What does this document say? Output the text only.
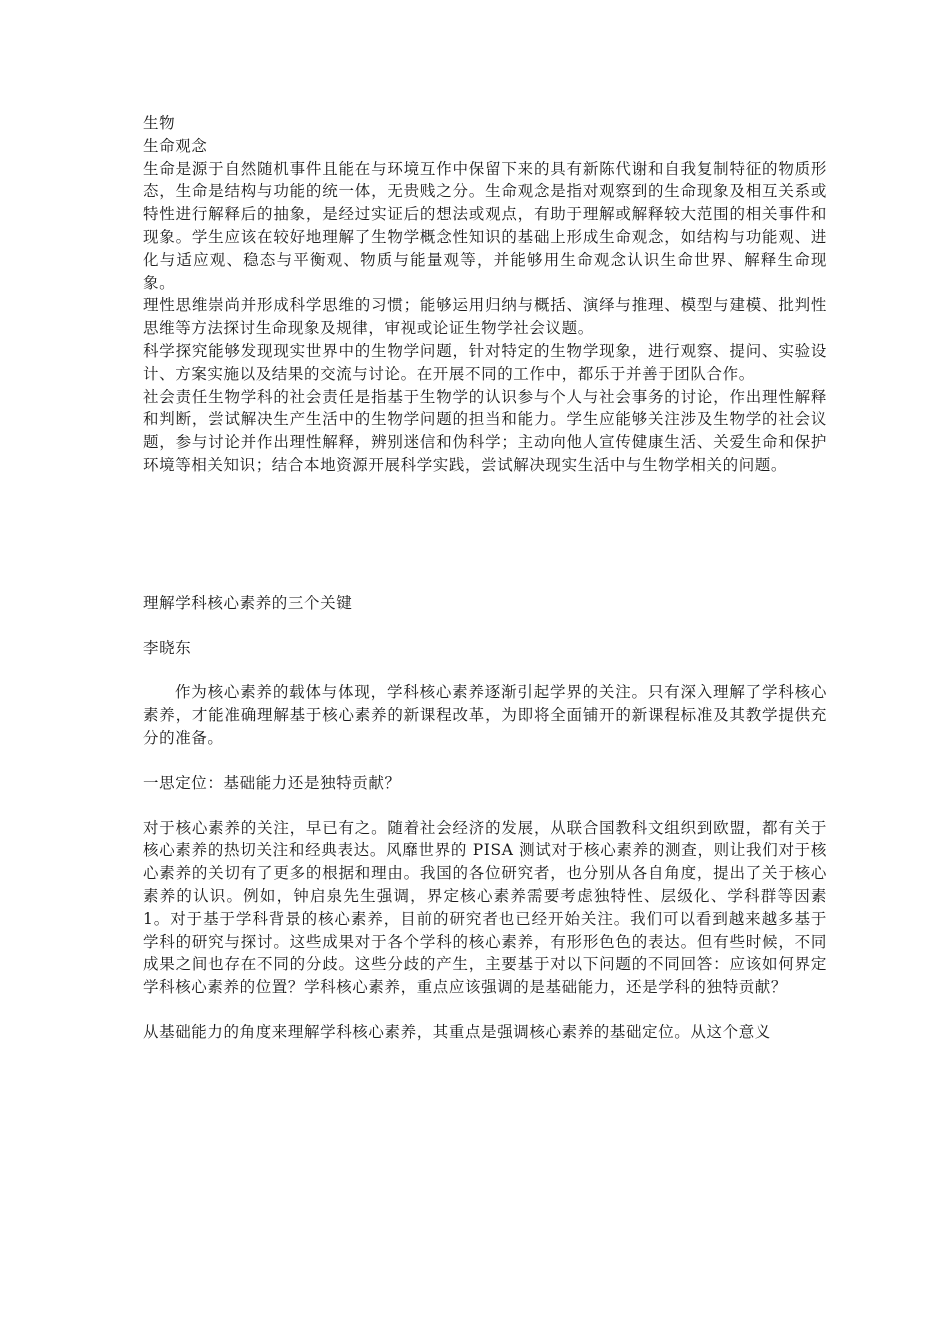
生物

生命观念

生命是源于自然随机事件且能在与环境互作中保留下来的具有新陈代谢和自我复制特征的物质形态，生命是结构与功能的统一体，无贵贱之分。生命观念是指对观察到的生命现象及相互关系或特性进行解释后的抽象，是经过实证后的想法或观点，有助于理解或解释较大范围的相关事件和现象。学生应该在较好地理解了生物学概念性知识的基础上形成生命观念，如结构与功能观、进化与适应观、稳态与平衡观、物质与能量观等，并能够用生命观念认识生命世界、解释生命现象。

理性思维崇尚并形成科学思维的习惯；能够运用归纳与概括、演绎与推理、模型与建模、批判性思维等方法探讨生命现象及规律，审视或论证生物学社会议题。

科学探究能够发现现实世界中的生物学问题，针对特定的生物学现象，进行观察、提问、实验设计、方案实施以及结果的交流与讨论。在开展不同的工作中，都乐于并善于团队合作。

社会责任生物学科的社会责任是指基于生物学的认识参与个人与社会事务的讨论，作出理性解释和判断，尝试解决生产生活中的生物学问题的担当和能力。学生应能够关注涉及生物学的社会议题，参与讨论并作出理性解释，辨别迷信和伪科学；主动向他人宣传健康生活、关爱生命和保护环境等相关知识；结合本地资源开展科学实践，尝试解决现实生活中与生物学相关的问题。

理解学科核心素养的三个关键

李晓东

作为核心素养的载体与体现，学科核心素养逐渐引起学界的关注。只有深入理解了学科核心素养，才能准确理解基于核心素养的新课程改革，为即将全面铺开的新课程标准及其教学提供充分的准备。

一思定位：基础能力还是独特贡献？

对于核心素养的关注，早已有之。随着社会经济的发展，从联合国教科文组织到欧盟，都有关于核心素养的热切关注和经典表达。风靡世界的 PISA 测试对于核心素养的测查，则让我们对于核心素养的关切有了更多的根据和理由。我国的各位研究者，也分别从各自角度，提出了关于核心素养的认识。例如，钟启泉先生强调，界定核心素养需要考虑独特性、层级化、学科群等因素 1。对于基于学科背景的核心素养，目前的研究者也已经开始关注。我们可以看到越来越多基于学科的研究与探讨。这些成果对于各个学科的核心素养，有形形色色的表达。但有些时候，不同成果之间也存在不同的分歧。这些分歧的产生，主要基于对以下问题的不同回答：应该如何界定学科核心素养的位置？学科核心素养，重点应该强调的是基础能力，还是学科的独特贡献？

从基础能力的角度来理解学科核心素养，其重点是强调核心素养的基础定位。从这个意义
